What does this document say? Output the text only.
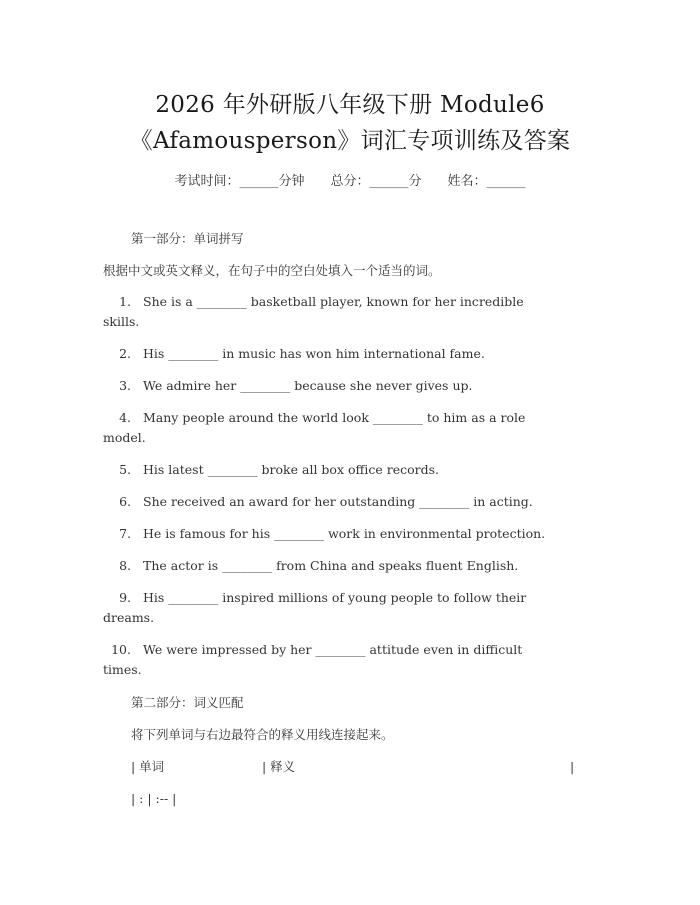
2026 年外研版八年级下册 Module6
《Afamousperson》词汇专项训练及答案
考试时间：______分钟 总分：______分 姓名：______
第一部分：单词拼写
根据中文或英文释义，在句子中的空白处填入一个适当的词。
1. She is a ________ basketball player, known for her incredible
skills.
2. His ________ in music has won him international fame.
3. We admire her ________ because she never gives up.
4. Many people around the world look ________ to him as a role
model.
5. His latest ________ broke all box office records.
6. She received an award for her outstanding ________ in acting.
7. He is famous for his ________ work in environmental protection.
8. The actor is ________ from China and speaks fluent English.
9. His ________ inspired millions of young people to follow their
dreams.
10. We were impressed by her ________ attitude even in difficult
times.
第二部分：词义匹配
将下列单词与右边最符合的释义用线连接起来。
| 单词	| 释义	|
| : | :-- |
